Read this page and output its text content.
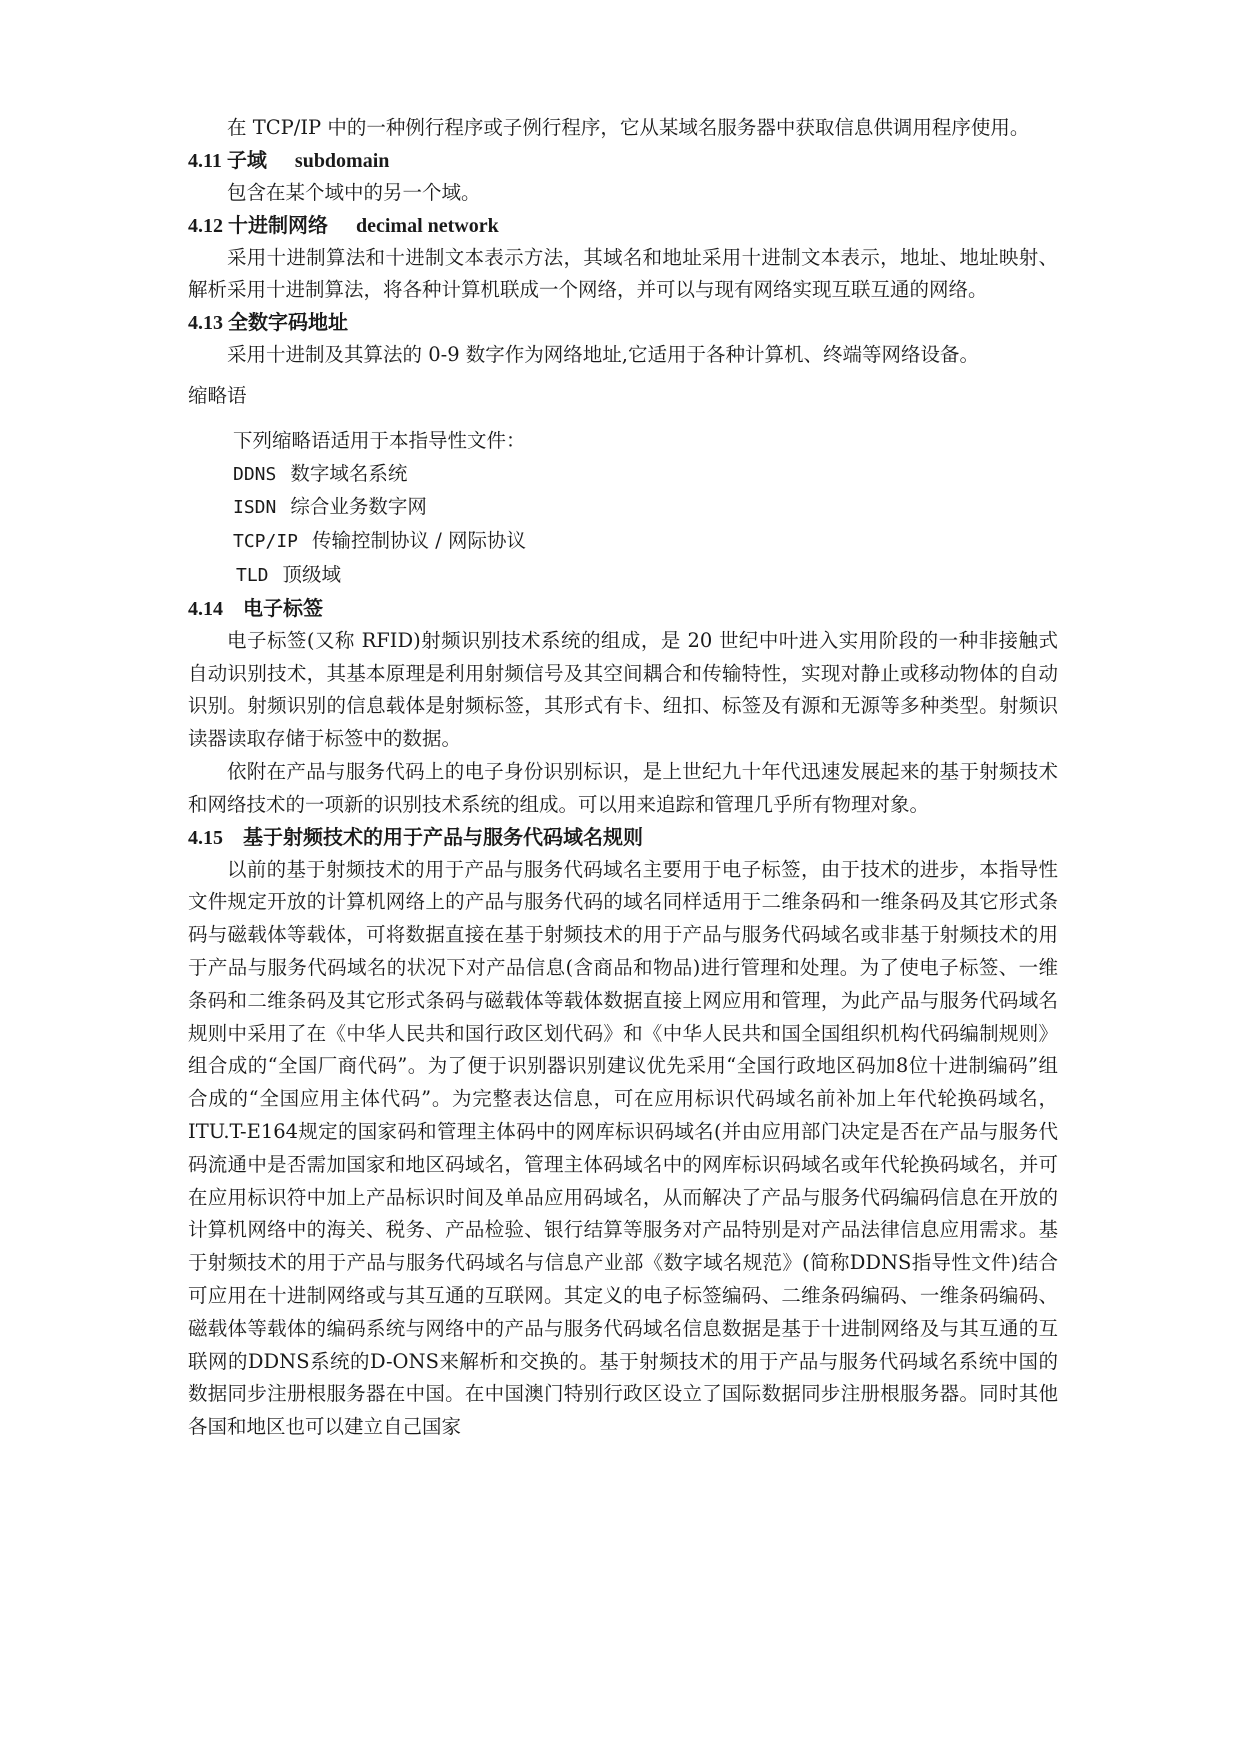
在 TCP/IP 中的一种例行程序或子例行程序，它从某域名服务器中获取信息供调用程序使用。

4.11 子域 subdomain

包含在某个域中的另一个域。

4.12 十进制网络 decimal network

采用十进制算法和十进制文本表示方法，其域名和地址采用十进制文本表示，地址、地址映射、解析采用十进制算法，将各种计算机联成一个网络，并可以与现有网络实现互联互通的网络。

4.13 全数字码地址

采用十进制及其算法的 0-9 数字作为网络地址,它适用于各种计算机、终端等网络设备。

缩略语

下列缩略语适用于本指导性文件：

DDNS 数字域名系统
ISDN 综合业务数字网
TCP/IP 传输控制协议 / 网际协议
TLD 顶级域

4.14　电子标签

电子标签(又称 RFID)射频识别技术系统的组成，是 20 世纪中叶进入实用阶段的一种非接触式自动识别技术，其基本原理是利用射频信号及其空间耦合和传输特性，实现对静止或移动物体的自动识别。射频识别的信息载体是射频标签，其形式有卡、纽扣、标签及有源和无源等多种类型。射频识读器读取存储于标签中的数据。

依附在产品与服务代码上的电子身份识别标识，是上世纪九十年代迅速发展起来的基于射频技术和网络技术的一项新的识别技术系统的组成。可以用来追踪和管理几乎所有物理对象。

4.15　基于射频技术的用于产品与服务代码域名规则

以前的基于射频技术的用于产品与服务代码域名主要用于电子标签，由于技术的进步，本指导性文件规定开放的计算机网络上的产品与服务代码的域名同样适用于二维条码和一维条码及其它形式条码与磁载体等载体，可将数据直接在基于射频技术的用于产品与服务代码域名或非基于射频技术的用于产品与服务代码域名的状况下对产品信息(含商品和物品)进行管理和处理。为了使电子标签、一维条码和二维条码及其它形式条码与磁载体等载体数据直接上网应用和管理，为此产品与服务代码域名规则中采用了在《中华人民共和国行政区划代码》和《中华人民共和国全国组织机构代码编制规则》组合成的“全国厂商代码”。为了便于识别器识别建议优先采用“全国行政地区码加8位十进制编码”组合成的“全国应用主体代码”。为完整表达信息，可在应用标识代码域名前补加上年代轮换码域名，ITU.T-E164规定的国家码和管理主体码中的网库标识码域名(并由应用部门决定是否在产品与服务代码流通中是否需加国家和地区码域名，管理主体码域名中的网库标识码域名或年代轮换码域名，并可在应用标识符中加上产品标识时间及单品应用码域名，从而解决了产品与服务代码编码信息在开放的计算机网络中的海关、税务、产品检验、银行结算等服务对产品特别是对产品法律信息应用需求。基于射频技术的用于产品与服务代码域名与信息产业部《数字域名规范》(简称DDNS指导性文件)结合可应用在十进制网络或与其互通的互联网。其定义的电子标签编码、二维条码编码、一维条码编码、磁载体等载体的编码系统与网络中的产品与服务代码域名信息数据是基于十进制网络及与其互通的互联网的DDNS系统的D-ONS来解析和交换的。基于射频技术的用于产品与服务代码域名系统中国的数据同步注册根服务器在中国。在中国澳门特别行政区设立了国际数据同步注册根服务器。同时其他各国和地区也可以建立自己国家
